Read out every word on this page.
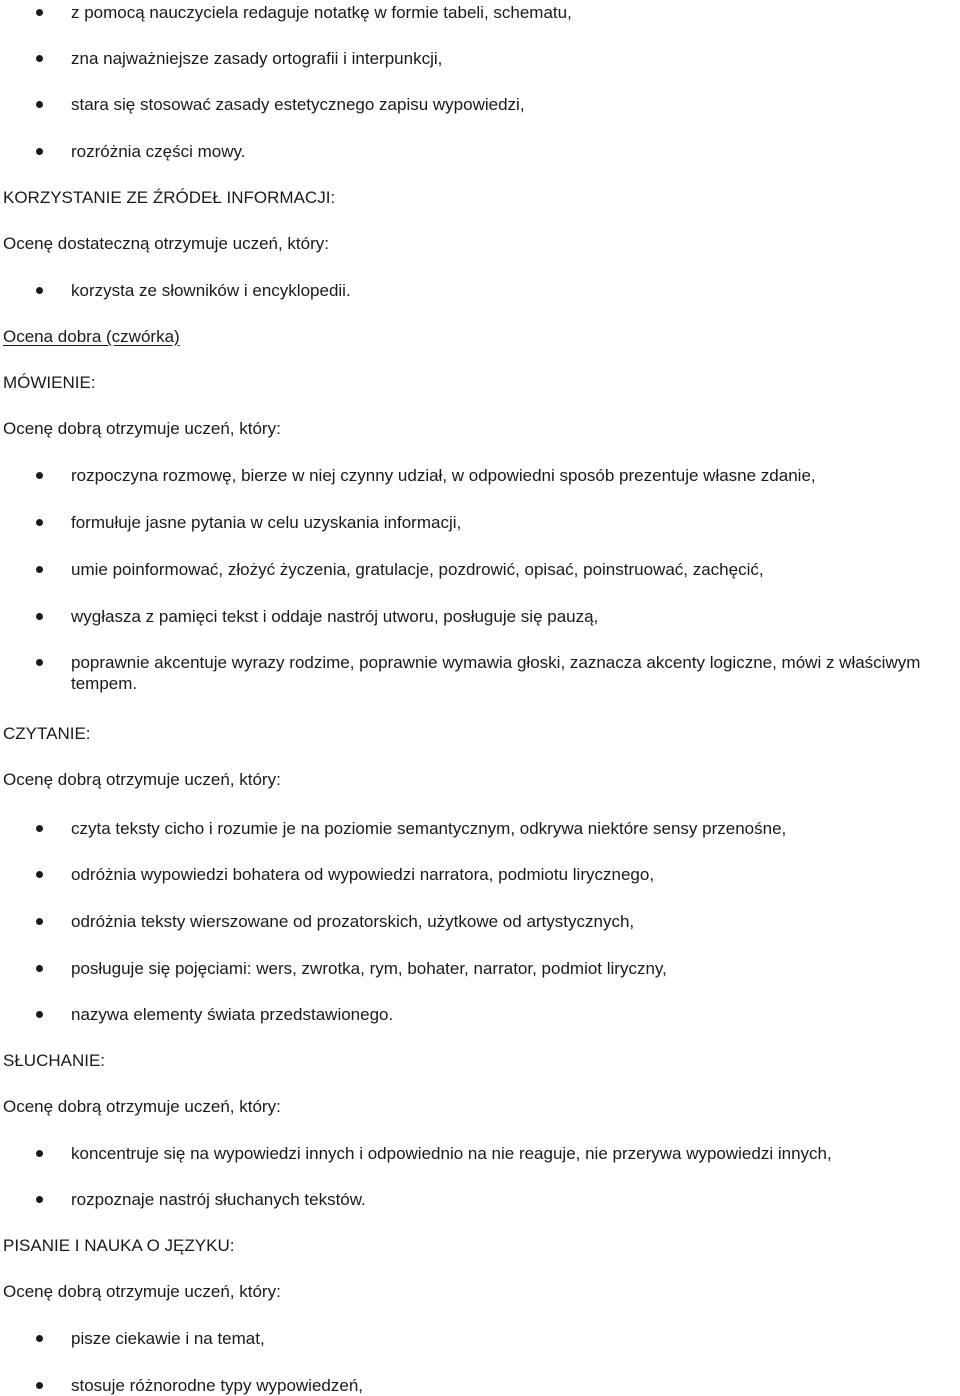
z pomocą nauczyciela redaguje notatkę w formie tabeli, schematu,
zna najważniejsze zasady ortografii i interpunkcji,
stara się stosować zasady estetycznego zapisu wypowiedzi,
rozróżnia części mowy.
KORZYSTANIE ZE ŹRÓDEŁ INFORMACJI:
Ocenę dostateczną otrzymuje uczeń, który:
korzysta ze słowników i encyklopedii.
Ocena dobra (czwórka)
MÓWIENIE:
Ocenę dobrą otrzymuje uczeń, który:
rozpoczyna rozmowę, bierze w niej czynny udział, w odpowiedni sposób prezentuje własne zdanie,
formułuje jasne pytania w celu uzyskania informacji,
umie poinformować, złożyć życzenia, gratulacje, pozdrowić, opisać, poinstruować, zachęcić,
wygłasza z pamięci tekst i oddaje nastrój utworu, posługuje się pauzą,
poprawnie akcentuje wyrazy rodzime, poprawnie wymawia głoski, zaznacza akcenty logiczne, mówi z właściwym tempem.
CZYTANIE:
Ocenę dobrą otrzymuje uczeń, który:
czyta teksty cicho i rozumie je na poziomie semantycznym, odkrywa niektóre sensy przenośne,
odróżnia wypowiedzi bohatera od wypowiedzi narratora, podmiotu lirycznego,
odróżnia teksty wierszowane od prozatorskich, użytkowe od artystycznych,
posługuje się pojęciami: wers, zwrotka, rym, bohater, narrator, podmiot liryczny,
nazywa elementy świata przedstawionego.
SŁUCHANIE:
Ocenę dobrą otrzymuje uczeń, który:
koncentruje się na wypowiedzi innych i odpowiednio na nie reaguje, nie przerywa wypowiedzi innych,
rozpoznaje nastrój słuchanych tekstów.
PISANIE I NAUKA O JĘZYKU:
Ocenę dobrą otrzymuje uczeń, który:
pisze ciekawie i na temat,
stosuje różnorodne typy wypowiedzeń,
